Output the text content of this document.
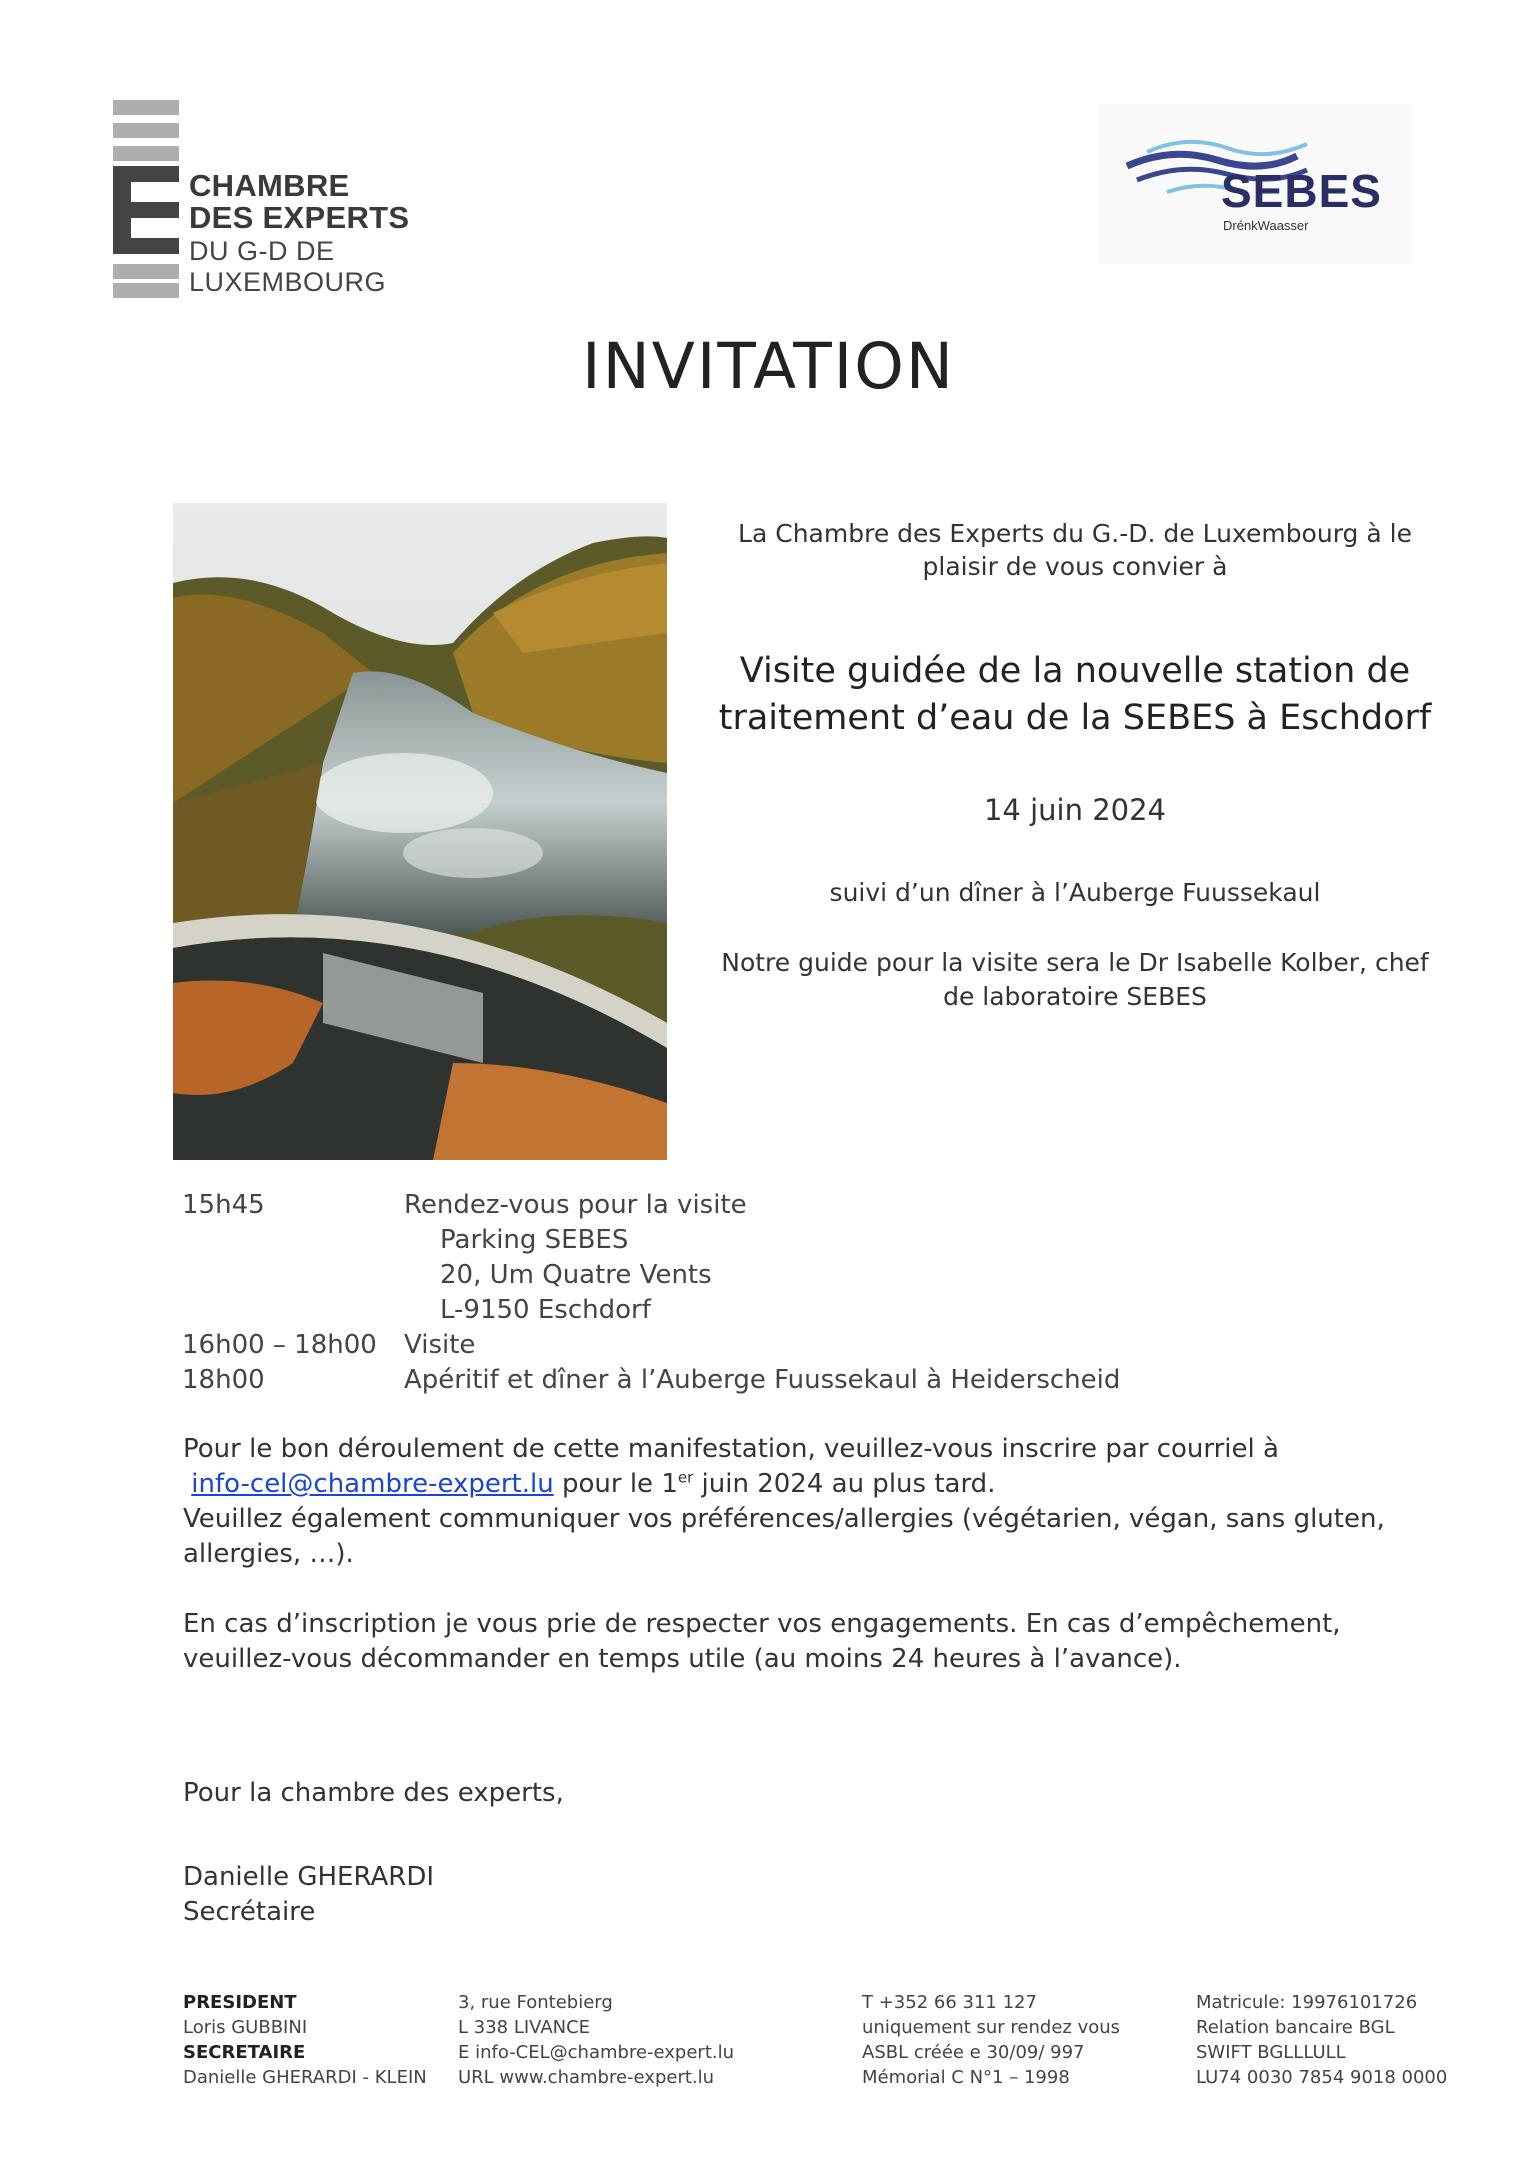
CHAMBRE
DES EXPERTS
DU G-D DE LUXEMBOURG
SEBES
DrénkWaasser
INVITATION
La Chambre des Experts du G.-D. de Luxembourg à le
plaisir de vous convier à
Visite guidée de la nouvelle station de
traitement d’eau de la SEBES à Eschdorf
14 juin 2024
suivi d’un dîner à l’Auberge Fuussekaul
Notre guide pour la visite sera le Dr Isabelle Kolber, chef
de laboratoire SEBES
15h45	Rendez-vous pour la visite
Parking SEBES
20, Um Quatre Vents
L-9150 Eschdorf
16h00 – 18h00 Visite
18h00	Apéritif et dîner à l’Auberge Fuussekaul à Heiderscheid
Pour le bon déroulement de cette manifestation, veuillez-vous inscrire par courriel à
info-cel@chambre-expert.lu pour le 1er juin 2024 au plus tard.
Veuillez également communiquer vos préférences/allergies (végétarien, végan, sans gluten,
allergies, …).
En cas d’inscription je vous prie de respecter vos engagements. En cas d’empêchement,
veuillez-vous décommander en temps utile (au moins 24 heures à l’avance).
Pour la chambre des experts,
Danielle GHERARDI
Secrétaire
PRESIDENT
Loris GUBBINI
SECRETAIRE
Danielle GHERARDI - KLEIN
3, rue Fontebierg
L 338 LIVANCE
E info-CEL@chambre-expert.lu
URL www.chambre-expert.lu
T +352 66 311 127
uniquement sur rendez vous
ASBL créée e 30/09/ 997
Mémorial C N°1 – 1998
Matricule: 19976101726
Relation bancaire BGL
SWIFT BGLLLULL
LU74 0030 7854 9018 0000
